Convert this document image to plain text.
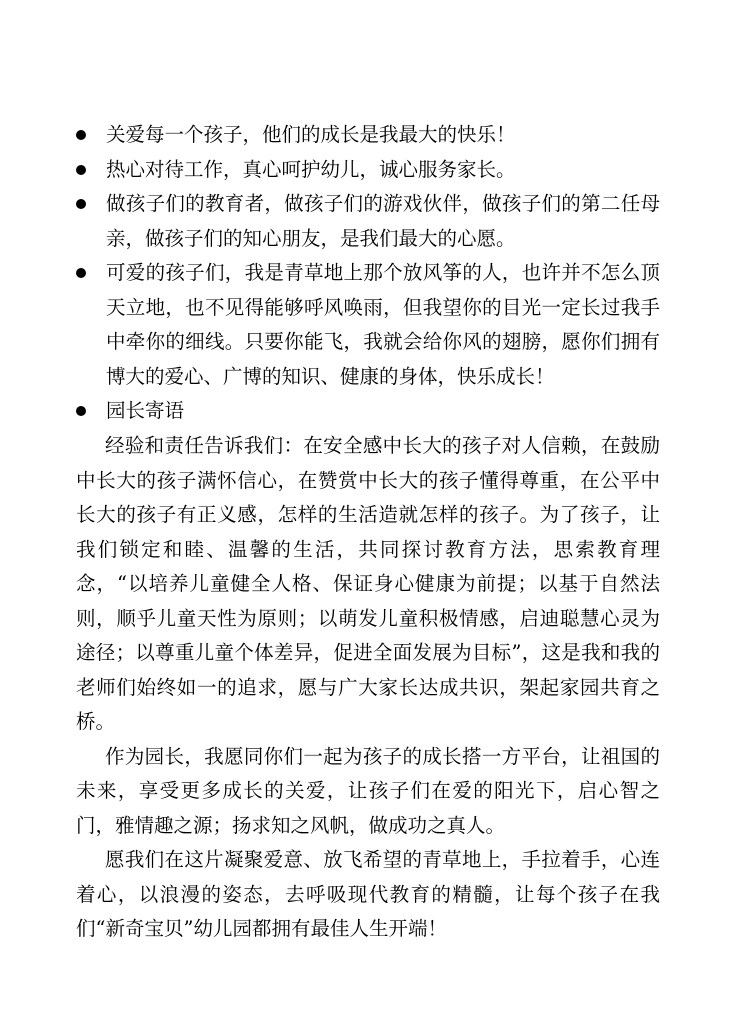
关爱每一个孩子，他们的成长是我最大的快乐！
热心对待工作，真心呵护幼儿，诚心服务家长。
做孩子们的教育者，做孩子们的游戏伙伴，做孩子们的第二任母亲，做孩子们的知心朋友，是我们最大的心愿。
可爱的孩子们，我是青草地上那个放风筝的人，也许并不怎么顶天立地，也不见得能够呼风唤雨，但我望你的目光一定长过我手中牵你的细线。只要你能飞，我就会给你风的翅膀，愿你们拥有博大的爱心、广博的知识、健康的身体，快乐成长！
园长寄语

经验和责任告诉我们：在安全感中长大的孩子对人信赖，在鼓励中长大的孩子满怀信心，在赞赏中长大的孩子懂得尊重，在公平中长大的孩子有正义感，怎样的生活造就怎样的孩子。为了孩子，让我们锁定和睦、温馨的生活，共同探讨教育方法，思索教育理念，“以培养儿童健全人格、保证身心健康为前提；以基于自然法则，顺乎儿童天性为原则；以萌发儿童积极情感，启迪聪慧心灵为途径；以尊重儿童个体差异，促进全面发展为目标”，这是我和我的老师们始终如一的追求，愿与广大家长达成共识，架起家园共育之桥。

作为园长，我愿同你们一起为孩子的成长搭一方平台，让祖国的未来，享受更多成长的关爱，让孩子们在爱的阳光下，启心智之门，雅情趣之源；扬求知之风帆，做成功之真人。

愿我们在这片凝聚爱意、放飞希望的青草地上，手拉着手，心连着心，以浪漫的姿态，去呼吸现代教育的精髓，让每个孩子在我们“新奇宝贝”幼儿园都拥有最佳人生开端！
